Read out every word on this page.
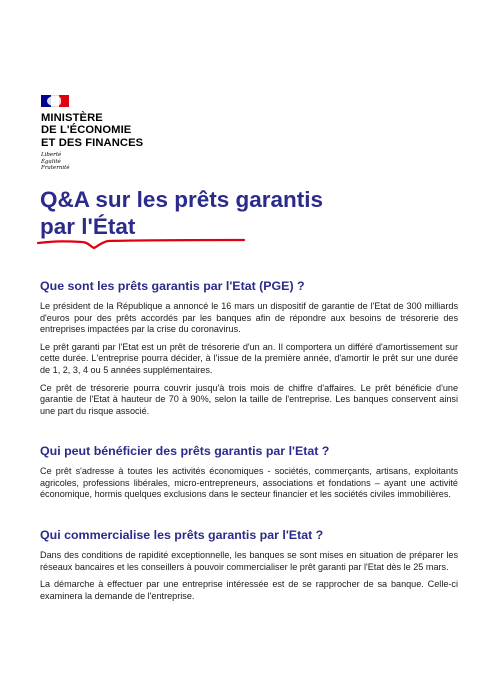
MINISTÈRE
DE L'ÉCONOMIE
ET DES FINANCES
Liberté
Égalité
Fraternité
Q&A sur les prêts garantis
par l'État
Que sont les prêts garantis par l'Etat (PGE) ?

Le président de la République a annoncé le 16 mars un dispositif de garantie de l'Etat de 300 milliards d'euros pour des prêts accordés par les banques afin de répondre aux besoins de trésorerie des entreprises impactées par la crise du coronavirus.

Le prêt garanti par l'Etat est un prêt de trésorerie d'un an. Il comportera un différé d'amortissement sur cette durée. L'entreprise pourra décider, à l'issue de la première année, d'amortir le prêt sur une durée de 1, 2, 3, 4 ou 5 années supplémentaires.

Ce prêt de trésorerie pourra couvrir jusqu'à trois mois de chiffre d'affaires. Le prêt bénéficie d'une garantie de l'Etat à hauteur de 70 à 90%, selon la taille de l'entreprise. Les banques conservent ainsi une part du risque associé.

Qui peut bénéficier des prêts garantis par l'Etat ?

Ce prêt s'adresse à toutes les activités économiques - sociétés, commerçants, artisans, exploitants agricoles, professions libérales, micro-entrepreneurs, associations et fondations – ayant une activité économique, hormis quelques exclusions dans le secteur financier et les sociétés civiles immobilières.

Qui commercialise les prêts garantis par l'Etat ?

Dans des conditions de rapidité exceptionnelle, les banques se sont mises en situation de préparer les réseaux bancaires et les conseillers à pouvoir commercialiser le prêt garanti par l'Etat dès le 25 mars.

La démarche à effectuer par une entreprise intéressée est de se rapprocher de sa banque. Celle-ci examinera la demande de l'entreprise.
